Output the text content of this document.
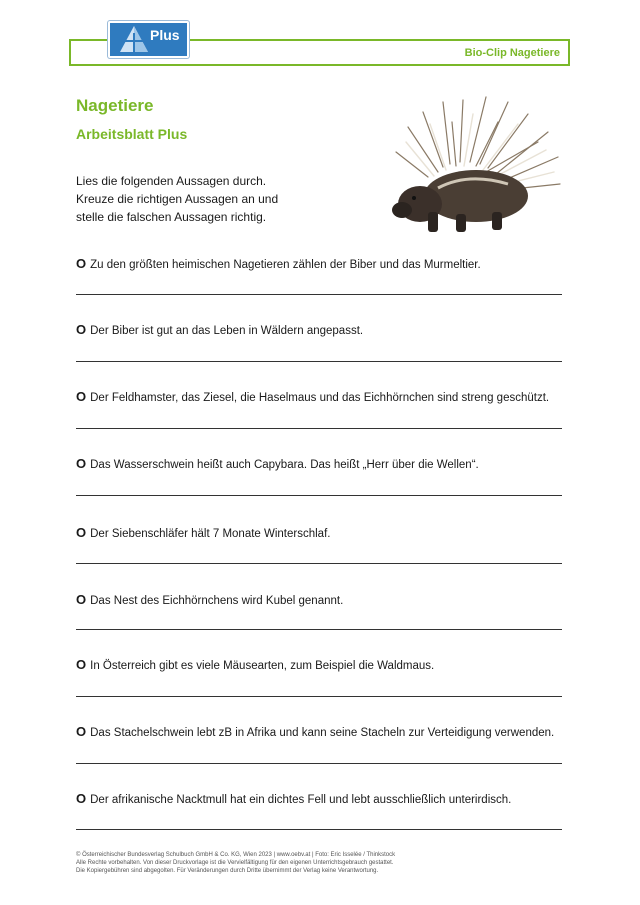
Bio-Clip Nagetiere
Plus
Nagetiere
Arbeitsblatt Plus
Lies die folgenden Aussagen durch.
Kreuze die richtigen Aussagen an und
stelle die falschen Aussagen richtig.
O Zu den größten heimischen Nagetieren zählen der Biber und das Murmeltier.
O Der Biber ist gut an das Leben in Wäldern angepasst.
O Der Feldhamster, das Ziesel, die Haselmaus und das Eichhörnchen sind streng geschützt.
O Das Wasserschwein heißt auch Capybara. Das heißt „Herr über die Wellen“.
O Der Siebenschläfer hält 7 Monate Winterschlaf.
O Das Nest des Eichhörnchens wird Kubel genannt.
O In Österreich gibt es viele Mäusearten, zum Beispiel die Waldmaus.
O Das Stachelschwein lebt zB in Afrika und kann seine Stacheln zur Verteidigung verwenden.
O Der afrikanische Nacktmull hat ein dichtes Fell und lebt ausschließlich unterirdisch.
© Österreichischer Bundesverlag Schulbuch GmbH & Co. KG, Wien 2023 | www.oebv.at | Foto: Eric Isselée / Thinkstock
Alle Rechte vorbehalten. Von dieser Druckvorlage ist die Vervielfältigung für den eigenen Unterrichtsgebrauch gestattet.
Die Kopiergebühren sind abgegolten. Für Veränderungen durch Dritte übernimmt der Verlag keine Verantwortung.
